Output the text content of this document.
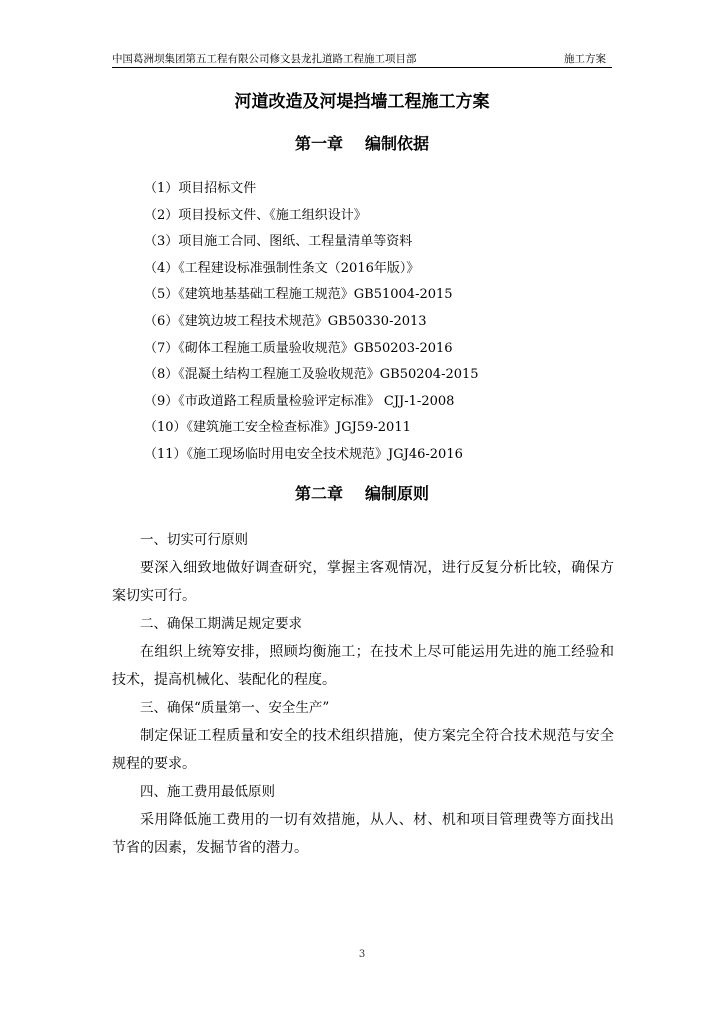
中国葛洲坝集团第五工程有限公司修文县龙扎道路工程施工项目部	施工方案
河道改造及河堤挡墙工程施工方案
第一章 编制依据
（1）项目招标文件
（2）项目投标文件、《施工组织设计》
（3）项目施工合同、图纸、工程量清单等资料
（4）《工程建设标准强制性条文（2016年版）》
（5）《建筑地基基础工程施工规范》GB51004-2015
（6）《建筑边坡工程技术规范》GB50330-2013
（7）《砌体工程施工质量验收规范》GB50203-2016
（8）《混凝土结构工程施工及验收规范》GB50204-2015
（9）《市政道路工程质量检验评定标准》 CJJ-1-2008
（10）《建筑施工安全检查标准》JGJ59-2011
（11）《施工现场临时用电安全技术规范》JGJ46-2016
第二章 编制原则

一、切实可行原则

要深入细致地做好调查研究，掌握主客观情况，进行反复分析比较，确保方案切实可行。

二、确保工期满足规定要求

在组织上统筹安排，照顾均衡施工；在技术上尽可能运用先进的施工经验和技术，提高机械化、装配化的程度。

三、确保“质量第一、安全生产”

制定保证工程质量和安全的技术组织措施，使方案完全符合技术规范与安全规程的要求。

四、施工费用最低原则

采用降低施工费用的一切有效措施，从人、材、机和项目管理费等方面找出节省的因素，发掘节省的潜力。

3
